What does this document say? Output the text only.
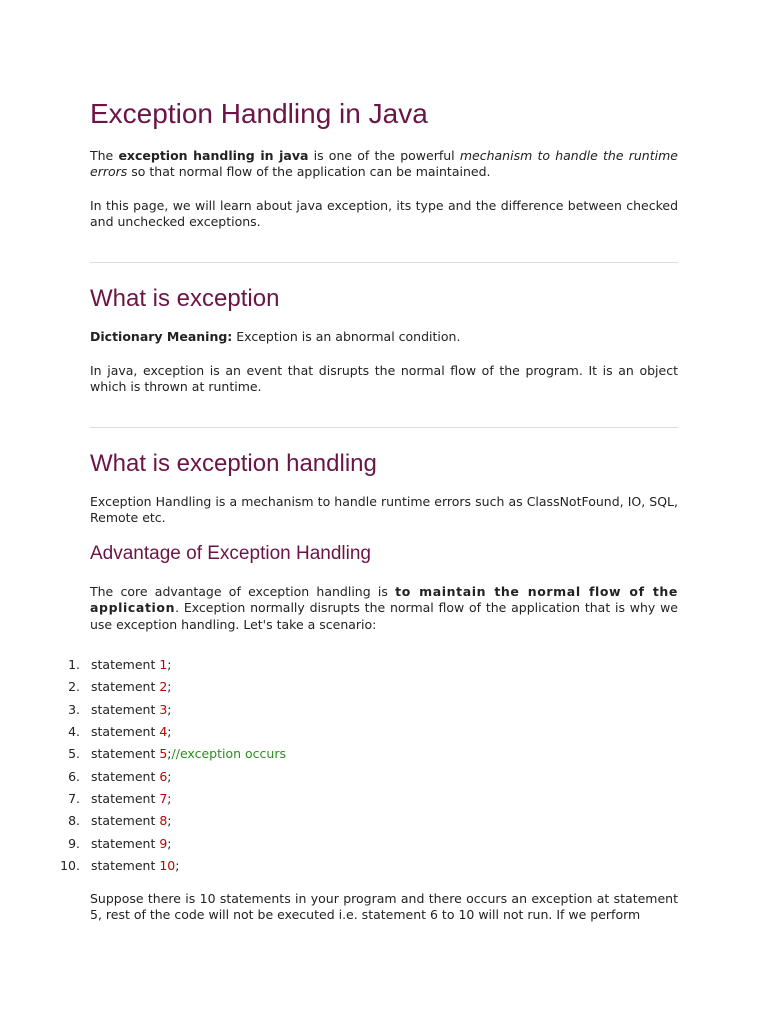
Exception Handling in Java

The exception handling in java is one of the powerful mechanism to handle the runtime errors so that normal flow of the application can be maintained.

In this page, we will learn about java exception, its type and the difference between checked and unchecked exceptions.

What is exception

Dictionary Meaning: Exception is an abnormal condition.

In java, exception is an event that disrupts the normal flow of the program. It is an object which is thrown at runtime.

What is exception handling

Exception Handling is a mechanism to handle runtime errors such as ClassNotFound, IO, SQL, Remote etc.

Advantage of Exception Handling

The core advantage of exception handling is to maintain the normal flow of the application. Exception normally disrupts the normal flow of the application that is why we use exception handling. Let's take a scenario:

1. statement 1;
2. statement 2;
3. statement 3;
4. statement 4;
5. statement 5;//exception occurs
6. statement 6;
7. statement 7;
8. statement 8;
9. statement 9;
10. statement 10;

Suppose there is 10 statements in your program and there occurs an exception at statement 5, rest of the code will not be executed i.e. statement 6 to 10 will not run. If we perform
